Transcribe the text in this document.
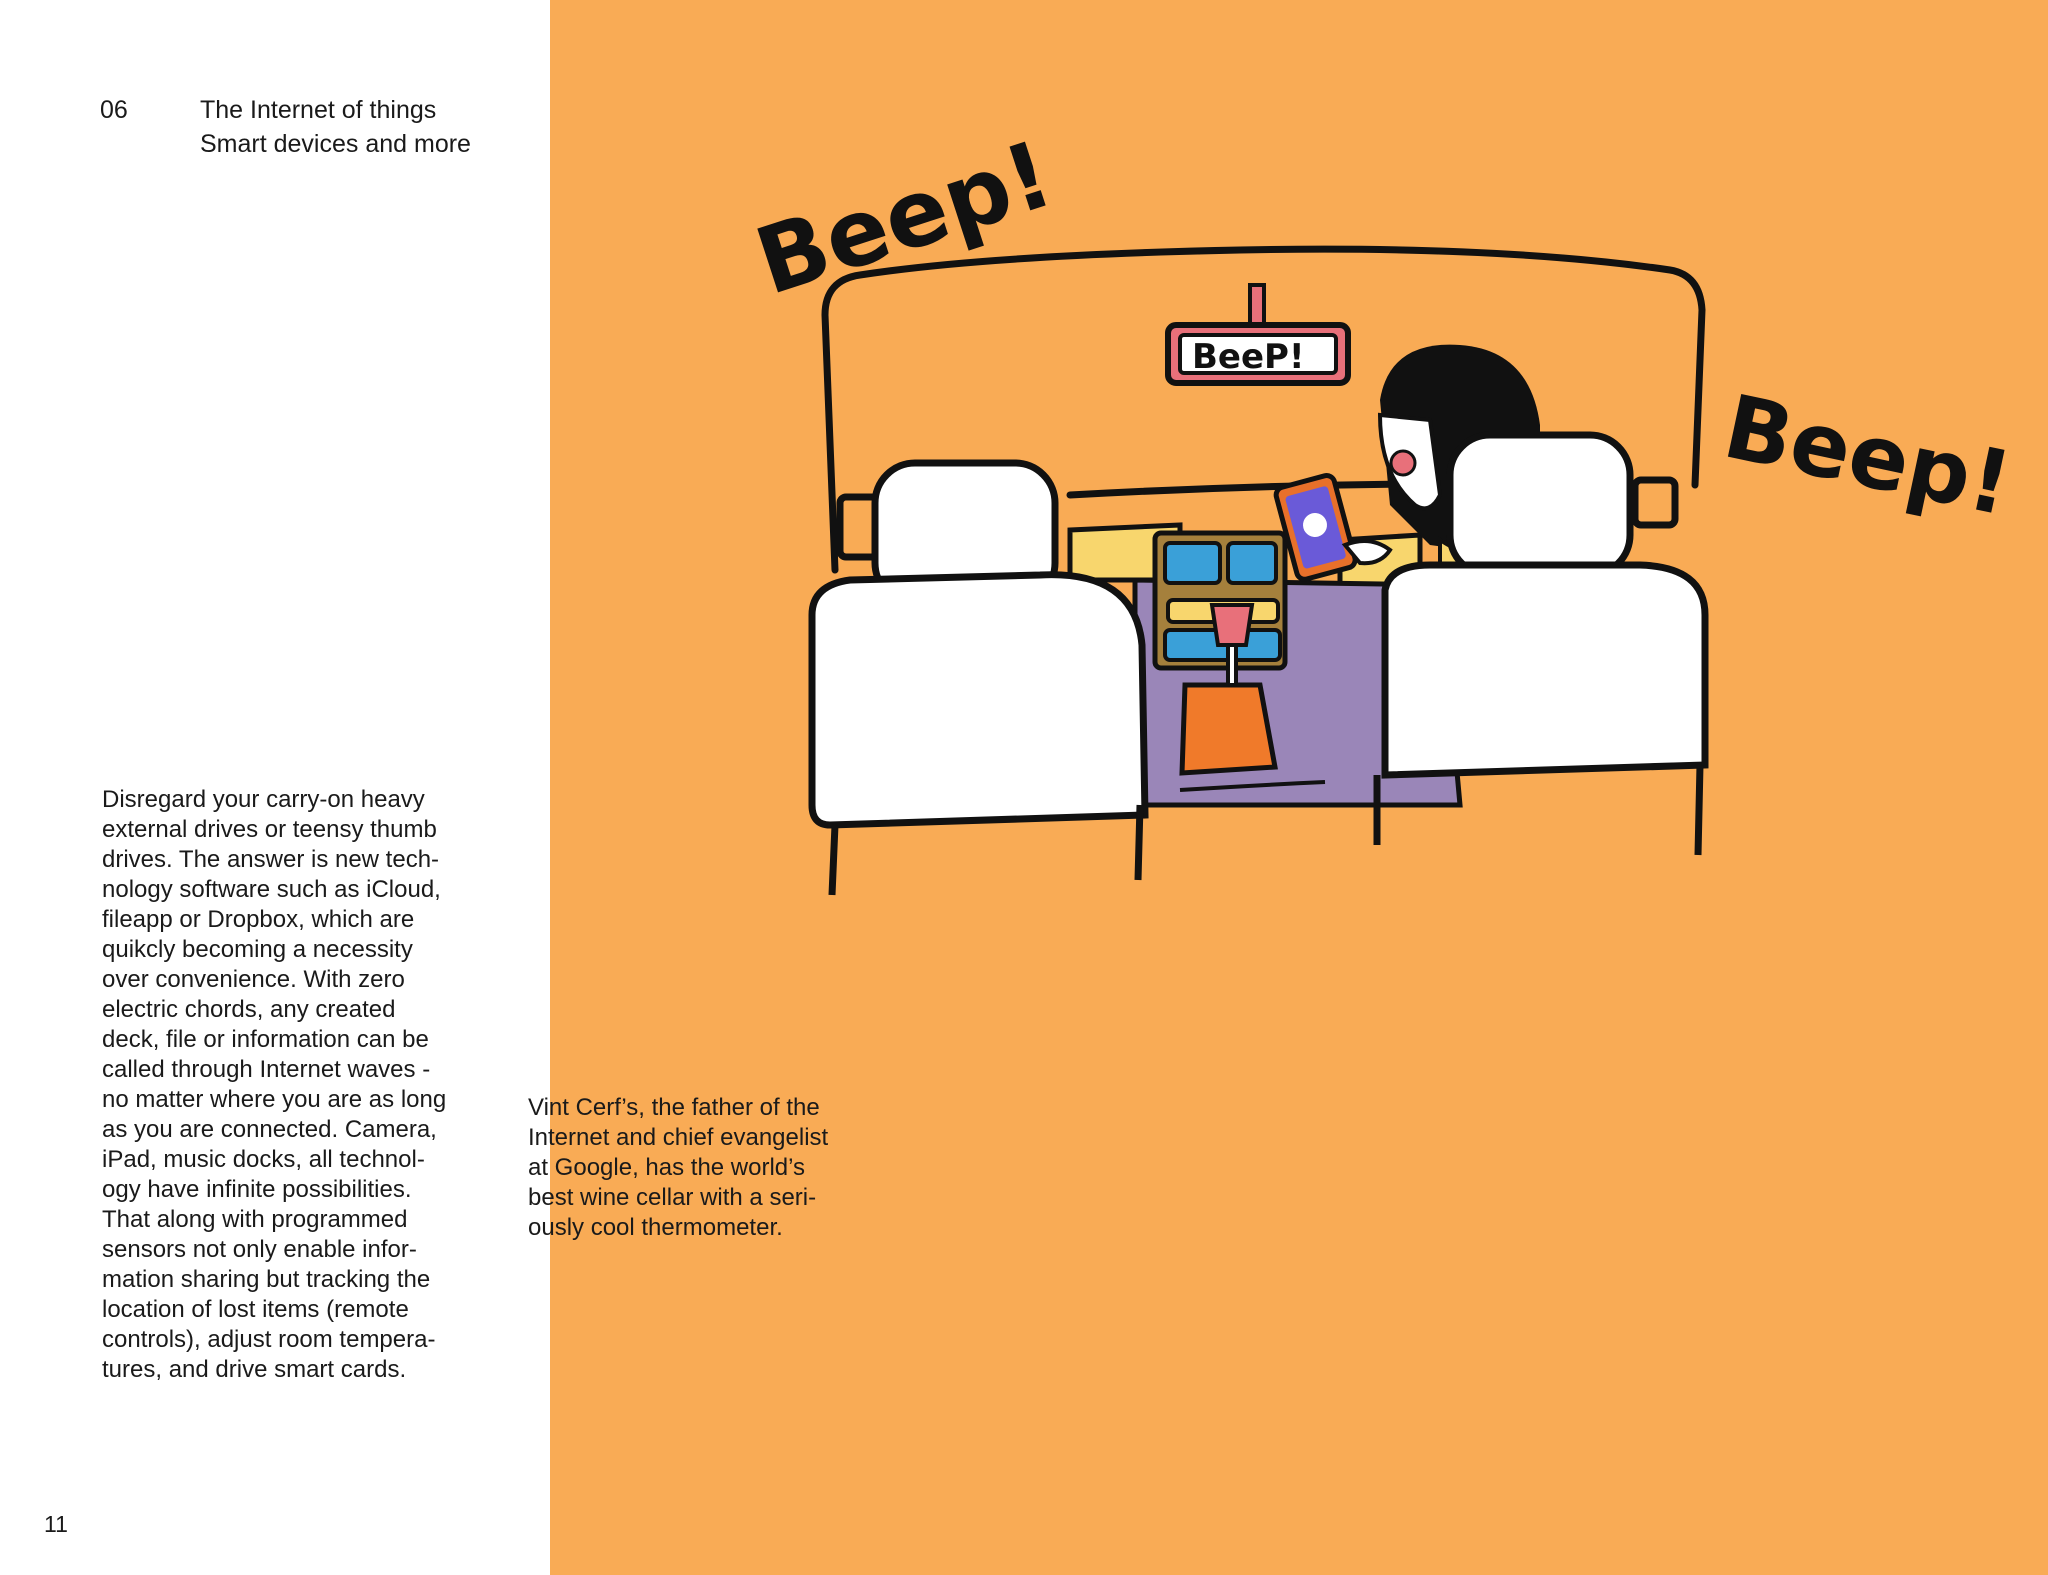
06	The Internet of things
Smart devices and more
Disregard your carry-on heavy
external drives or teensy thumb
drives. The answer is new tech-
nology software such as iCloud,
fileapp or Dropbox, which are
quikcly becoming a necessity
over convenience. With zero
electric chords, any created
deck, file or information can be
called through Internet waves -
no matter where you are as long
as you are connected. Camera,
iPad, music docks, all technol-
ogy have infinite possibilities.
That along with programmed
sensors not only enable infor-
mation sharing but tracking the
location of lost items (remote
controls), adjust room tempera-
tures, and drive smart cards.
Vint Cerf’s, the father of the
Internet and chief evangelist
at Google, has the world’s
best wine cellar with a seri-
ously cool thermometer.
11
Beep!
BeeP!
Beep!
